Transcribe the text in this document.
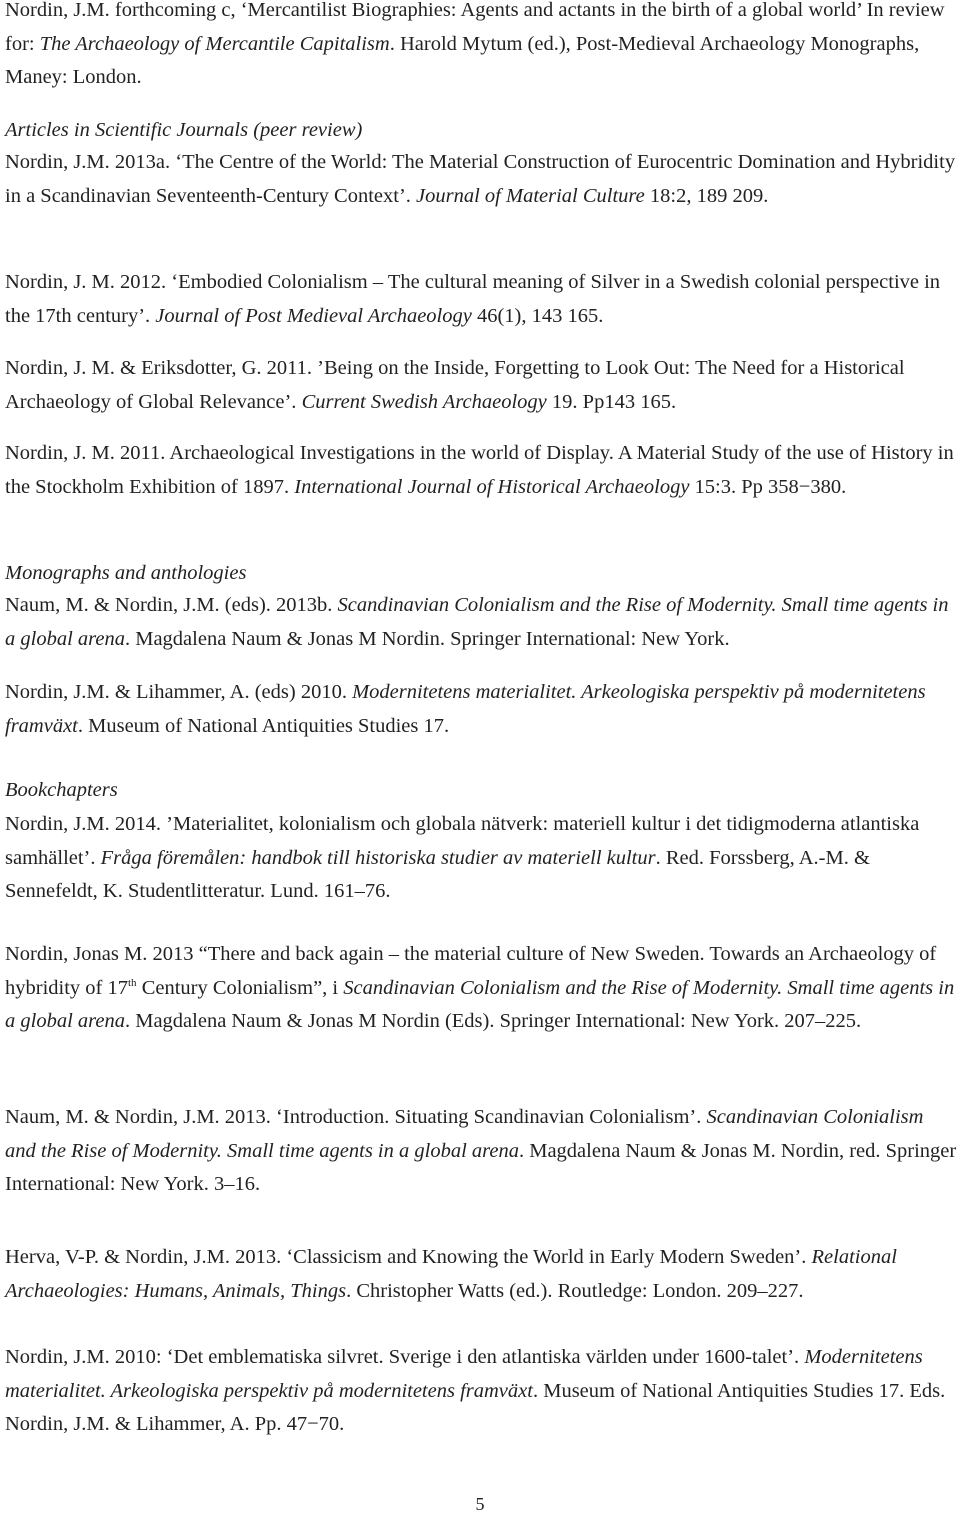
Nordin, J.M. forthcoming c, ‘Mercantilist Biographies: Agents and actants in the birth of a global world’ In review for: The Archaeology of Mercantile Capitalism. Harold Mytum (ed.), Post-Medieval Archaeology Monographs, Maney: London.

Articles in Scientific Journals (peer review)

Nordin, J.M. 2013a. ‘The Centre of the World: The Material Construction of Eurocentric Domination and Hybridity in a Scandinavian Seventeenth-Century Context’. Journal of Material Culture 18:2, 189 209.

Nordin, J. M. 2012. ‘Embodied Colonialism – The cultural meaning of Silver in a Swedish colonial perspective in the 17th century’. Journal of Post Medieval Archaeology 46(1), 143 165.

Nordin, J. M. & Eriksdotter, G. 2011. ’Being on the Inside, Forgetting to Look Out: The Need for a Historical Archaeology of Global Relevance’. Current Swedish Archaeology 19. Pp143 165.

Nordin, J. M. 2011. Archaeological Investigations in the world of Display. A Material Study of the use of History in the Stockholm Exhibition of 1897. International Journal of Historical Archaeology 15:3. Pp 358−380.

Monographs and anthologies

Naum, M. & Nordin, J.M. (eds). 2013b. Scandinavian Colonialism and the Rise of Modernity. Small time agents in a global arena. Magdalena Naum & Jonas M Nordin. Springer International: New York.

Nordin, J.M. & Lihammer, A. (eds) 2010. Modernitetens materialitet. Arkeologiska perspektiv på modernitetens framväxt. Museum of National Antiquities Studies 17.

Bookchapters

Nordin, J.M. 2014. ’Materialitet, kolonialism och globala nätverk: materiell kultur i det tidigmoderna atlantiska samhället’. Fråga föremålen: handbok till historiska studier av materiell kultur. Red. Forssberg, A.-M. & Sennefeldt, K. Studentlitteratur. Lund. 161–76.

Nordin, Jonas M. 2013 “There and back again – the material culture of New Sweden. Towards an Archaeology of hybridity of 17th Century Colonialism”, i Scandinavian Colonialism and the Rise of Modernity. Small time agents in a global arena. Magdalena Naum & Jonas M Nordin (Eds). Springer International: New York. 207–225.

Naum, M. & Nordin, J.M. 2013. ‘Introduction. Situating Scandinavian Colonialism’. Scandinavian Colonialism and the Rise of Modernity. Small time agents in a global arena. Magdalena Naum & Jonas M. Nordin, red. Springer International: New York. 3–16.

Herva, V-P. & Nordin, J.M. 2013. ‘Classicism and Knowing the World in Early Modern Sweden’. Relational Archaeologies: Humans, Animals, Things. Christopher Watts (ed.). Routledge: London. 209–227.

Nordin, J.M. 2010: ‘Det emblematiska silvret. Sverige i den atlantiska världen under 1600-talet’. Modernitetens materialitet. Arkeologiska perspektiv på modernitetens framväxt. Museum of National Antiquities Studies 17. Eds. Nordin, J.M. & Lihammer, A. Pp. 47−70.

5
